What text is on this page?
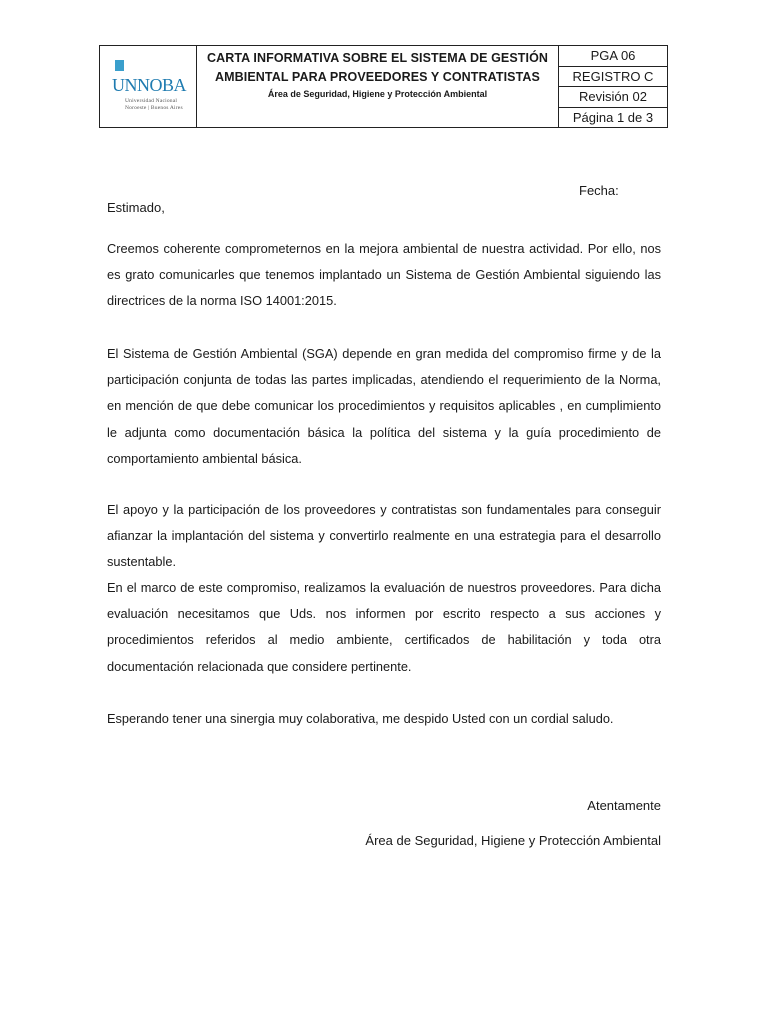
UNNOBA
Universidad Nacional
Noroeste | Buenos Aires
CARTA INFORMATIVA SOBRE EL SISTEMA DE GESTIÓN
AMBIENTAL PARA PROVEEDORES Y CONTRATISTAS
Área de Seguridad, Higiene y Protección Ambiental
PGA 06
REGISTRO C
Revisión 02
Página 1 de 3
Fecha:
Estimado,

Creemos coherente comprometernos en la mejora ambiental de nuestra actividad. Por ello, nos es grato comunicarles que tenemos implantado un Sistema de Gestión Ambiental siguiendo las directrices de la norma ISO 14001:2015.

El Sistema de Gestión Ambiental (SGA) depende en gran medida del compromiso firme y de la participación conjunta de todas las partes implicadas, atendiendo el requerimiento de la Norma, en mención de que debe comunicar los procedimientos y requisitos aplicables , en cumplimiento le adjunta como documentación básica la política del sistema y la guía procedimiento de comportamiento ambiental básica.

El apoyo y la participación de los proveedores y contratistas son fundamentales para conseguir afianzar la implantación del sistema y convertirlo realmente en una estrategia para el desarrollo sustentable.

En el marco de este compromiso, realizamos la evaluación de nuestros proveedores. Para dicha evaluación necesitamos que Uds. nos informen por escrito respecto a sus acciones y procedimientos referidos al medio ambiente, certificados de habilitación y toda otra documentación relacionada que considere pertinente.

Esperando tener una sinergia muy colaborativa, me despido Usted con un cordial saludo.

Atentamente
Área de Seguridad, Higiene y Protección Ambiental
